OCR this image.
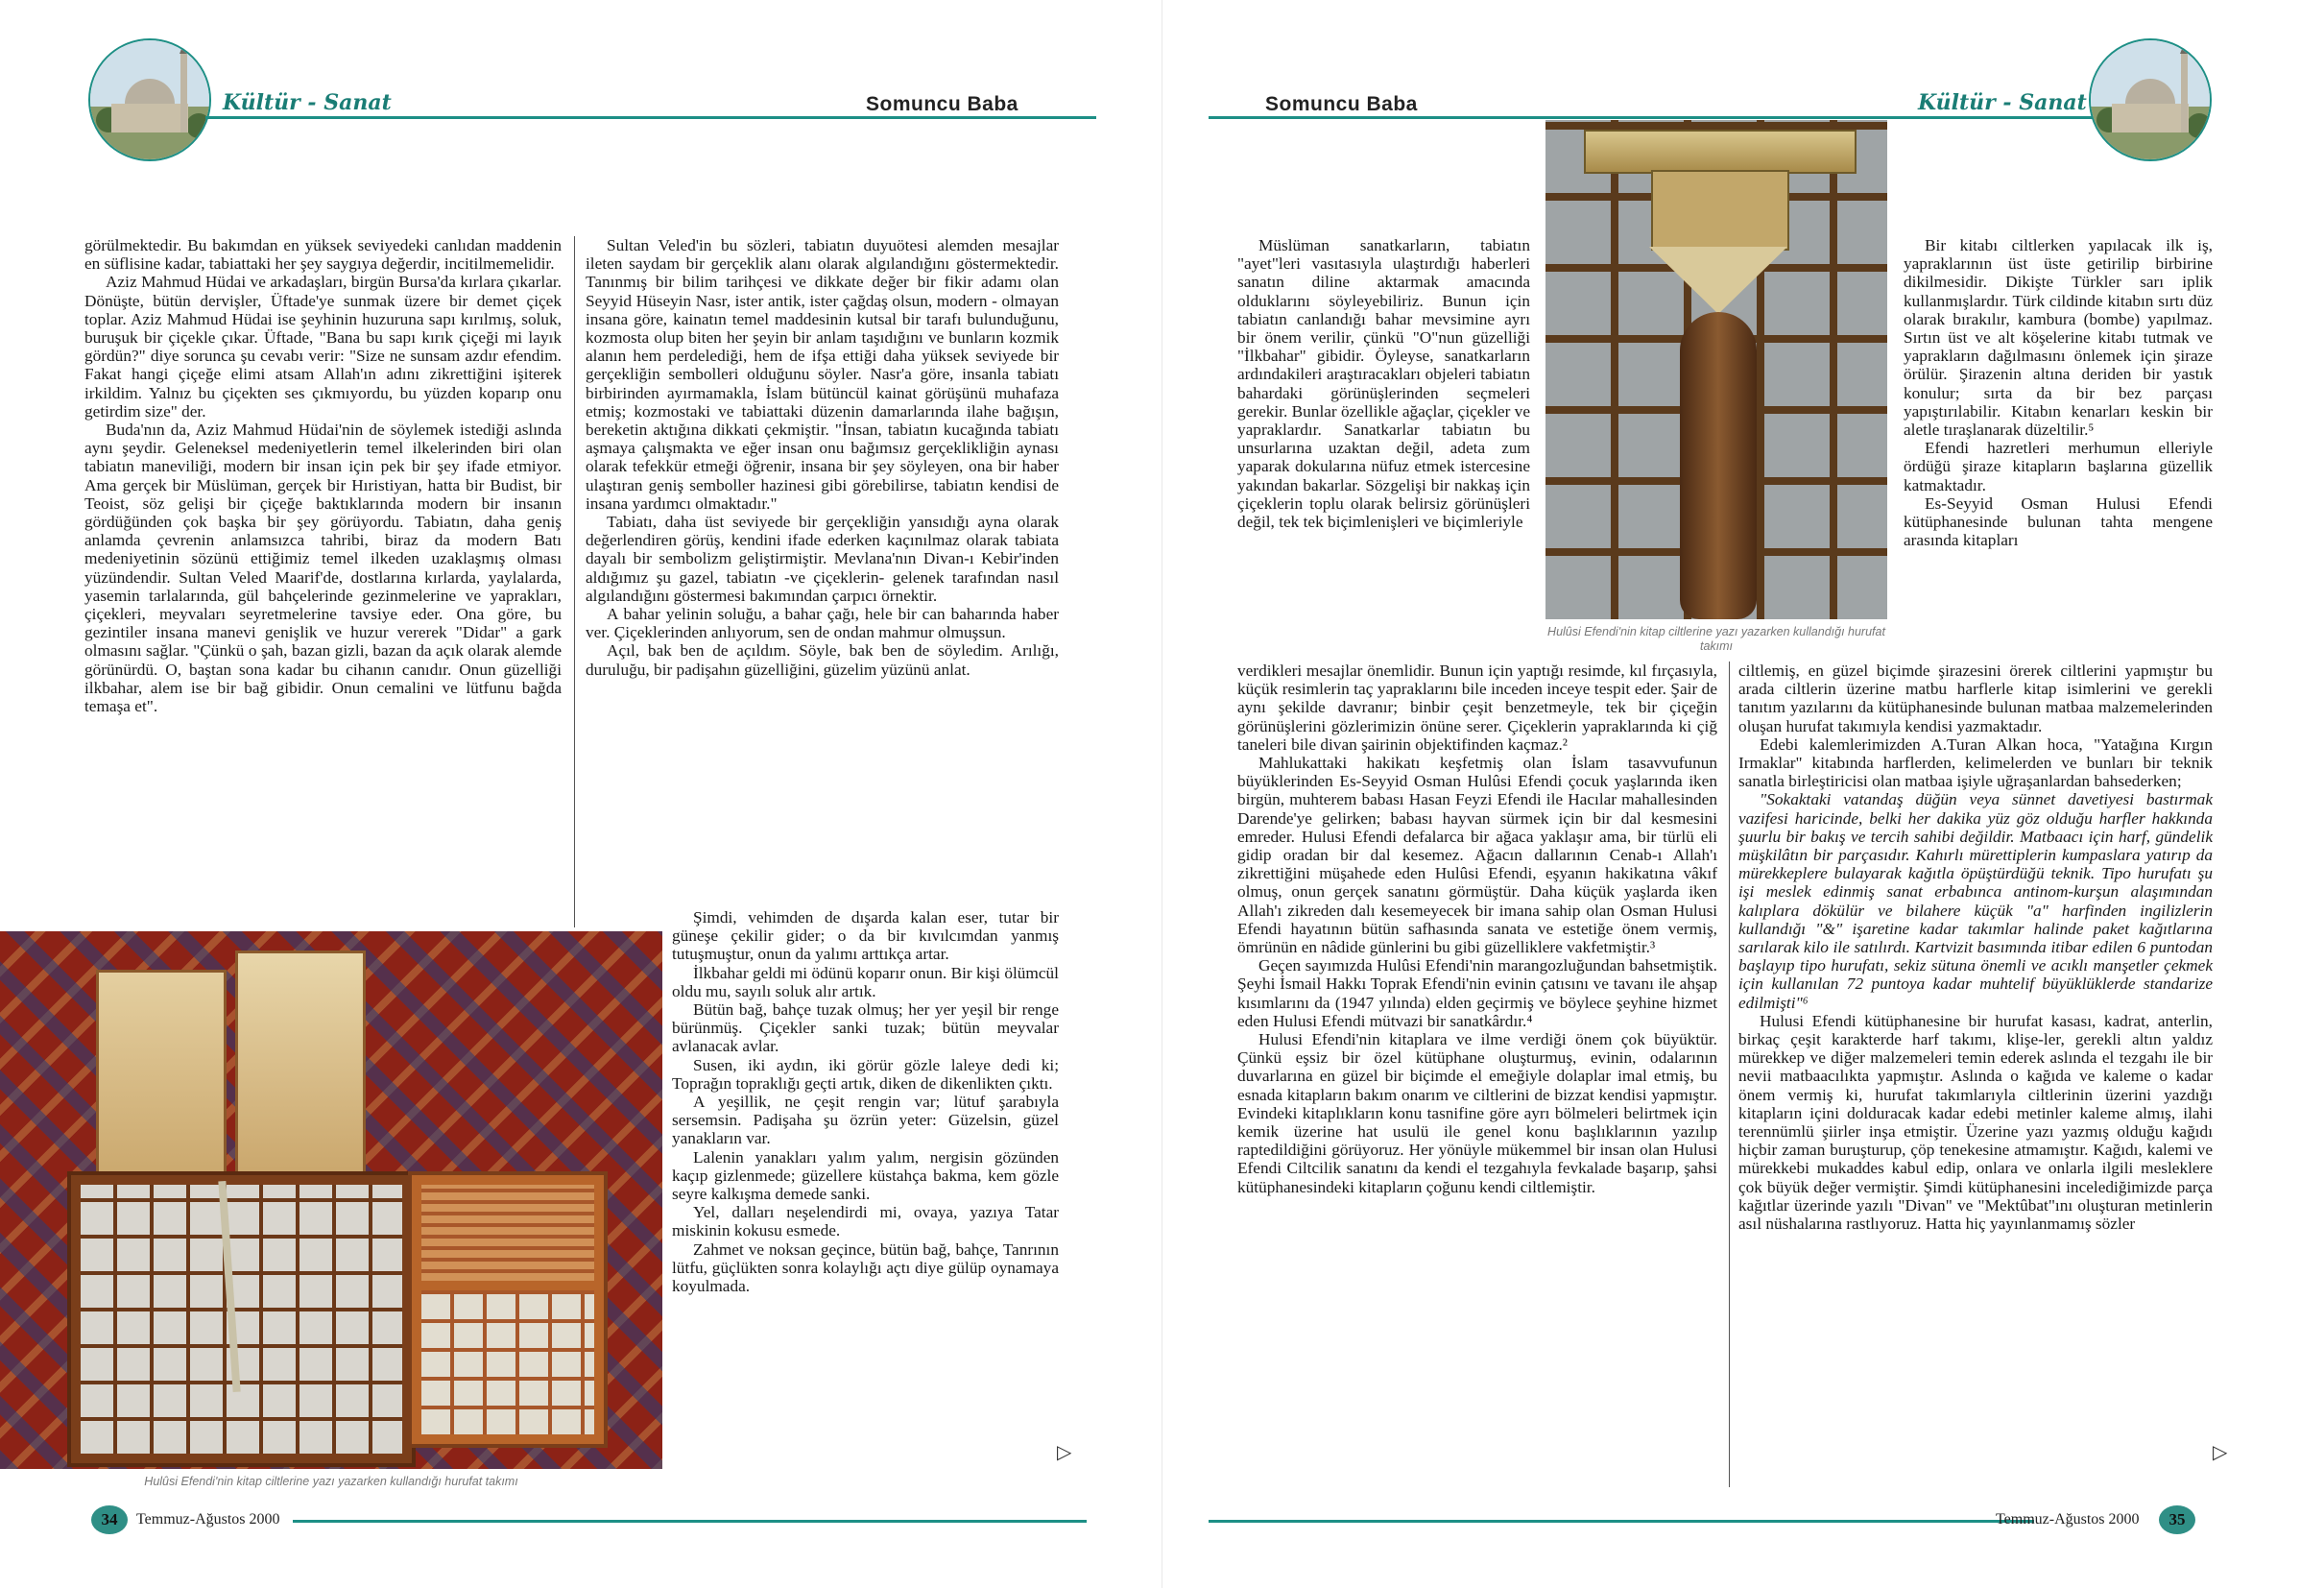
Kültür - Sanat	Somuncu Baba

görülmektedir. Bu bakımdan en yüksek seviyedeki canlıdan maddenin en süflisine kadar, tabiattaki her şey saygıya değerdir, incitilmemelidir.

Aziz Mahmud Hüdai ve arkadaşları, birgün Bursa'da kırlara çıkarlar. Dönüşte, bütün dervişler, Üftade'ye sunmak üzere bir demet çiçek toplar. Aziz Mahmud Hüdai ise şeyhinin huzuruna sapı kırılmış, soluk, buruşuk bir çiçekle çıkar. Üftade, "Bana bu sapı kırık çiçeği mi layık gördün?" diye sorunca şu cevabı verir: "Size ne sunsam azdır efendim. Fakat hangi çiçeğe elimi atsam Allah'ın adını zikrettiğini işiterek irkildim. Yalnız bu çiçekten ses çıkmıyordu, bu yüzden koparıp onu getirdim size" der.

Buda'nın da, Aziz Mahmud Hüdai'nin de söylemek istediği aslında aynı şeydir. Geleneksel medeniyetlerin temel ilkelerinden biri olan tabiatın maneviliği, modern bir insan için pek bir şey ifade etmiyor. Ama gerçek bir Müslüman, gerçek bir Hıristiyan, hatta bir Budist, bir Teoist, söz gelişi bir çiçeğe baktıklarında modern bir insanın gördüğünden çok başka bir şey görüyordu. Tabiatın, daha geniş anlamda çevrenin anlamsızca tahribi, biraz da modern Batı medeniyetinin sözünü ettiğimiz temel ilkeden uzaklaşmış olması yüzündendir. Sultan Veled Maarif'de, dostlarına kırlarda, yaylalarda, yasemin tarlalarında, gül bahçelerinde gezinmelerine ve yaprakları, çiçekleri, meyvaları seyretmelerine tavsiye eder. Ona göre, bu gezintiler insana manevi genişlik ve huzur vererek "Didar" a gark olmasını sağlar. "Çünkü o şah, bazan gizli, bazan da açık olarak alemde görünürdü. O, baştan sona kadar bu cihanın canıdır. Onun güzelliği ilkbahar, alem ise bir bağ gibidir. Onun cemalini ve lütfunu bağda temaşa et".

Sultan Veled'in bu sözleri, tabiatın duyuötesi alemden mesajlar ileten saydam bir gerçeklik alanı olarak algılandığını göstermektedir. Tanınmış bir bilim tarihçesi ve dikkate değer bir fikir adamı olan Seyyid Hüseyin Nasr, ister antik, ister çağdaş olsun, modern - olmayan insana göre, kainatın temel maddesinin kutsal bir tarafı bulunduğunu, kozmosta olup biten her şeyin bir anlam taşıdığını ve bunların kozmik alanın hem perdelediği, hem de ifşa ettiği daha yüksek seviyede bir gerçekliğin sembolleri olduğunu söyler. Nasr'a göre, insanla tabiatı birbirinden ayırmamakla, İslam bütüncül kainat görüşünü muhafaza etmiş; kozmostaki ve tabiattaki düzenin damarlarında ilahe bağışın, bereketin aktığına dikkati çekmiştir. "İnsan, tabiatın kucağında tabiatı aşmaya çalışmakta ve eğer insan onu bağımsız gerçeklikliğin aynası olarak tefekkür etmeği öğrenir, insana bir şey söyleyen, ona bir haber ulaştıran geniş semboller hazinesi gibi görebilirse, tabiatın kendisi de insana yardımcı olmaktadır."

Tabiatı, daha üst seviyede bir gerçekliğin yansıdığı ayna olarak değerlendiren görüş, kendini ifade ederken kaçınılmaz olarak tabiata dayalı bir sembolizm geliştirmiştir. Mevlana'nın Divan-ı Kebir'inden aldığımız şu gazel, tabiatın -ve çiçeklerin- gelenek tarafından nasıl algılandığını göstermesi bakımından çarpıcı örnektir.

A bahar yelinin soluğu, a bahar çağı, hele bir can baharında haber ver. Çiçeklerinden anlıyorum, sen de ondan mahmur olmuşsun.

Açıl, bak ben de açıldım. Söyle, bak ben de söyledim. Arılığı, duruluğu, bir padişahın güzelliğini, güzelim yüzünü anlat.

Şimdi, vehimden de dışarda kalan eser, tutar bir güneşe çekilir gider; o da bir kıvılcımdan yanmış tutuşmuştur, onun da yalımı arttıkça artar.

İlkbahar geldi mi ödünü koparır onun. Bir kişi ölümcül oldu mu, sayılı soluk alır artık.

Bütün bağ, bahçe tuzak olmuş; her yer yeşil bir renge bürünmüş. Çiçekler sanki tuzak; bütün meyvalar avlanacak avlar.

Susen, iki aydın, iki görür gözle laleye dedi ki; Toprağın topraklığı geçti artık, diken de dikenlikten çıktı.

A yeşillik, ne çeşit rengin var; lütuf şarabıyla sersemsin. Padişaha şu özrün yeter: Güzelsin, güzel yanakların var.

Lalenin yanakları yalım yalım, nergisin gözünden kaçıp gizlenmede; güzellere küstahça bakma, kem gözle seyre kalkışma demede sanki.

Yel, dalları neşelendirdi mi, ovaya, yazıya Tatar miskinin kokusu esmede.

Zahmet ve noksan geçince, bütün bağ, bahçe, Tanrının lütfu, güçlükten sonra kolaylığı açtı diye gülüp oynamaya koyulmada.

Hulûsi Efendi'nin kitap ciltlerine yazı yazarken kullandığı hurufat takımı
▷
34	Temmuz-Ağustos 2000
Somuncu Baba	Kültür - Sanat

Müslüman sanatkarların, tabiatın "ayet"leri vasıtasıyla ulaştırdığı haberleri sanatın diline aktarmak amacında olduklarını söyleyebiliriz. Bunun için tabiatın canlandığı bahar mevsimine ayrı bir önem verilir, çünkü "O"nun güzelliği "İlkbahar" gibidir. Öyleyse, sanatkarların ardındakileri araştıracakları objeleri tabiatın bahardaki görünüşlerinden seçmeleri gerekir. Bunlar özellikle ağaçlar, çiçekler ve yapraklardır. Sanatkarlar tabiatın bu unsurlarına uzaktan değil, adeta zum yaparak dokularına nüfuz etmek istercesine yakından bakarlar. Sözgelişi bir nakkaş için çiçeklerin toplu olarak belirsiz görünüşleri değil, tek tek biçimlenişleri ve biçimleriyle

Hulûsi Efendi'nin kitap ciltlerine yazı yazarken kullandığı hurufat takımı

verdikleri mesajlar önemlidir. Bunun için yaptığı resimde, kıl fırçasıyla, küçük resimlerin taç yapraklarını bile inceden inceye tespit eder. Şair de aynı şekilde davranır; binbir çeşit benzetmeyle, tek bir çiçeğin görünüşlerini gözlerimizin önüne serer. Çiçeklerin yapraklarında ki çiğ taneleri bile divan şairinin objektifinden kaçmaz.²

Mahlukattaki hakikatı keşfetmiş olan İslam tasavvufunun büyüklerinden Es-Seyyid Osman Hulûsi Efendi çocuk yaşlarında iken birgün, muhterem babası Hasan Feyzi Efendi ile Hacılar mahallesinden Darende'ye gelirken; babası hayvan sürmek için bir dal kesmesini emreder. Hulusi Efendi defalarca bir ağaca yaklaşır ama, bir türlü eli gidip oradan bir dal kesemez. Ağacın dallarının Cenab-ı Allah'ı zikrettiğini müşahede eden Hulûsi Efendi, eşyanın hakikatına vâkıf olmuş, onun gerçek sanatını görmüştür. Daha küçük yaşlarda iken Allah'ı zikreden dalı kesemeyecek bir imana sahip olan Osman Hulusi Efendi hayatının bütün safhasında sanata ve estetiğe önem vermiş, ömrünün en nâdide günlerini bu gibi güzelliklere vakfetmiştir.³

Geçen sayımızda Hulûsi Efendi'nin marangozluğundan bahsetmiştik. Şeyhi İsmail Hakkı Toprak Efendi'nin evinin çatısını ve tavanı ile ahşap kısımlarını da (1947 yılında) elden geçirmiş ve böylece şeyhine hizmet eden Hulusi Efendi mütvazi bir sanatkârdır.⁴

Hulusi Efendi'nin kitaplara ve ilme verdiği önem çok büyüktür. Çünkü eşsiz bir özel kütüphane oluşturmuş, evinin, odalarının duvarlarına en güzel bir biçimde el emeğiyle dolaplar imal etmiş, bu esnada kitapların bakım onarım ve ciltlerini de bizzat kendisi yapmıştır. Evindeki kitaplıkların konu tasnifine göre ayrı bölmeleri belirtmek için kemik üzerine hat usulü ile genel konu başlıklarının yazılıp raptedildiğini görüyoruz. Her yönüyle mükemmel bir insan olan Hulusi Efendi Ciltcilik sanatını da kendi el tezgahıyla fevkalade başarıp, şahsi kütüphanesindeki kitapların çoğunu kendi ciltlemiştir.

Bir kitabı ciltlerken yapılacak ilk iş, yapraklarının üst üste getirilip birbirine dikilmesidir. Dikişte Türkler sarı iplik kullanmışlardır. Türk cildinde kitabın sırtı düz olarak bırakılır, kambura (bombe) yapılmaz. Sırtın üst ve alt köşelerine kitabı tutmak ve yaprakların dağılmasını önlemek için şiraze örülür. Şirazenin altına deriden bir yastık konulur; sırta da bir bez parçası yapıştırılabilir. Kitabın kenarları keskin bir aletle tıraşlanarak düzeltilir.⁵

Efendi hazretleri merhumun elleriyle ördüğü şiraze kitapların başlarına güzellik katmaktadır.

Es-Seyyid Osman Hulusi Efendi kütüphanesinde bulunan tahta mengene arasında kitapları

ciltlemiş, en güzel biçimde şirazesini örerek ciltlerini yapmıştır bu arada ciltlerin üzerine matbu harflerle kitap isimlerini ve gerekli tanıtım yazılarını da kütüphanesinde bulunan matbaa malzemelerinden oluşan hurufat takımıyla kendisi yazmaktadır.

Edebi kalemlerimizden A.Turan Alkan hoca, "Yatağına Kırgın Irmaklar" kitabında harflerden, kelimelerden ve bunları bir teknik sanatla birleştiricisi olan matbaa işiyle uğraşanlardan bahsederken;

"Sokaktaki vatandaş düğün veya sünnet davetiyesi bastırmak vazifesi haricinde, belki her dakika yüz göz olduğu harfler hakkında şuurlu bir bakış ve tercih sahibi değildir. Matbaacı için harf, gündelik müşkilâtın bir parçasıdır. Kahırlı mürettiplerin kumpaslara yatırıp da mürekkeplere bulayarak kağıtla öpüştürdüğü teknik. Tipo hurufatı şu işi meslek edinmiş sanat erbabınca antinom-kurşun alaşımından kalıplara dökülür ve bilahere küçük "a" harfinden ingilizlerin kullandığı "&" işaretine kadar takımlar halinde paket kağıtlarına sarılarak kilo ile satılırdı. Kartvizit basımında itibar edilen 6 puntodan başlayıp tipo hurufatı, sekiz sütuna önemli ve acıklı manşetler çekmek için kullanılan 72 puntoya kadar muhtelif büyüklüklerde standarize edilmişti"⁶

Hulusi Efendi kütüphanesine bir hurufat kasası, kadrat, anterlin, birkaç çeşit karakterde harf takımı, klişe-ler, gerekli altın yaldız mürekkep ve diğer malzemeleri temin ederek aslında el tezgahı ile bir nevii matbaacılıkta yapmıştır. Aslında o kağıda ve kaleme o kadar önem vermiş ki, hurufat takımlarıyla ciltlerinin üzerini yazdığı kitapların içini dolduracak kadar edebi metinler kaleme almış, ilahi terennümlü şiirler inşa etmiştir. Üzerine yazı yazmış olduğu kağıdı hiçbir zaman buruşturup, çöp tenekesine atmamıştır. Kağıdı, kalemi ve mürekkebi mukaddes kabul edip, onlara ve onlarla ilgili mesleklere çok büyük değer vermiştir. Şimdi kütüphanesini incelediğimizde parça kağıtlar üzerinde yazılı "Divan" ve "Mektûbat"ını oluşturan metinlerin asıl nüshalarına rastlıyoruz. Hatta hiç yayınlanmamış sözler

▷
Temmuz-Ağustos 2000	35
